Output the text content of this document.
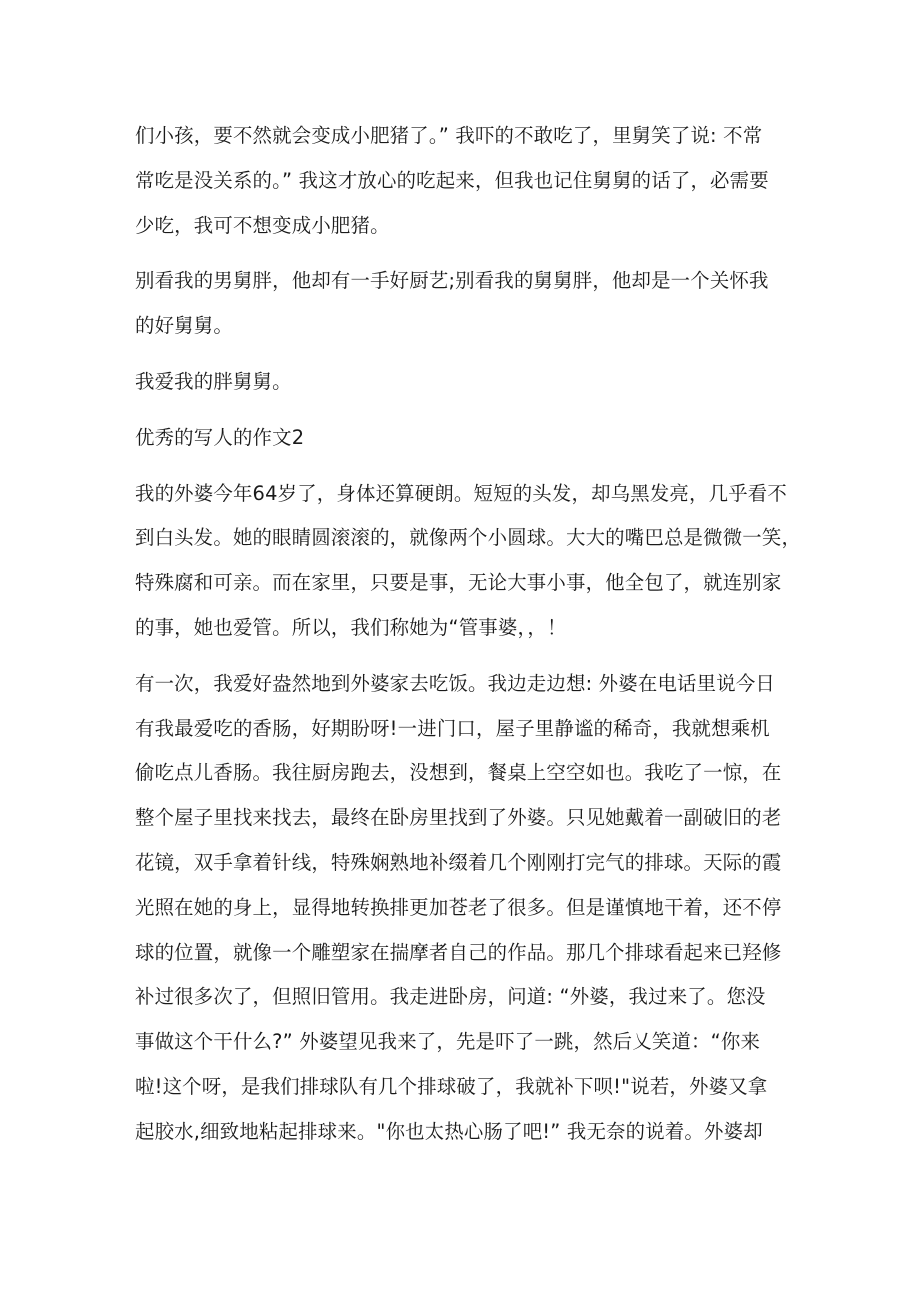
们小孩，要不然就会变成小肥猪了。” 我吓的不敢吃了，里舅笑了说: 不常
常吃是没关系的。” 我这才放心的吃起来，但我也记住舅舅的话了，必需要
少吃，我可不想变成小肥猪。

别看我的男舅胖，他却有一手好厨艺;别看我的舅舅胖，他却是一个关怀我
的好舅舅。

我爱我的胖舅舅。

优秀的写人的作文2

我的外婆今年64岁了，身体还算硬朗。短短的头发，却乌黑发亮，几乎看不
到白头发。她的眼睛圆滚滚的，就像两个小圆球。大大的嘴巴总是微微一笑，
特殊腐和可亲。而在家里，只要是事，无论大事小事，他全包了，就连别家
的事，她也爱管。所以，我们称她为“管事婆，，！

有一次，我爱好盎然地到外婆家去吃饭。我边走边想: 外婆在电话里说今日
有我最爱吃的香肠，好期盼呀!一进门口，屋子里静谧的稀奇，我就想乘机
偷吃点儿香肠。我往厨房跑去，没想到，餐桌上空空如也。我吃了一惊，在
整个屋子里找来找去，最终在卧房里找到了外婆。只见她戴着一副破旧的老
花镜，双手拿着针线，特殊娴熟地补缀着几个刚刚打完气的排球。天际的霞
光照在她的身上，显得地转换排更加苍老了很多。但是谨慎地干着，还不停
球的位置，就像一个雕塑家在揣摩者自己的作品。那几个排球看起来已羟修
补过很多次了，但照旧管用。我走进卧房，问道: “外婆，我过来了。您没
事做这个干什么?” 外婆望见我来了，先是吓了一跳，然后乂笑道：“你来
啦!这个呀，是我们排球队有几个排球破了，我就补下呗!"说若，外婆又拿
起胶水,细致地粘起排球来。"你也太热心肠了吧!” 我无奈的说着。外婆却
